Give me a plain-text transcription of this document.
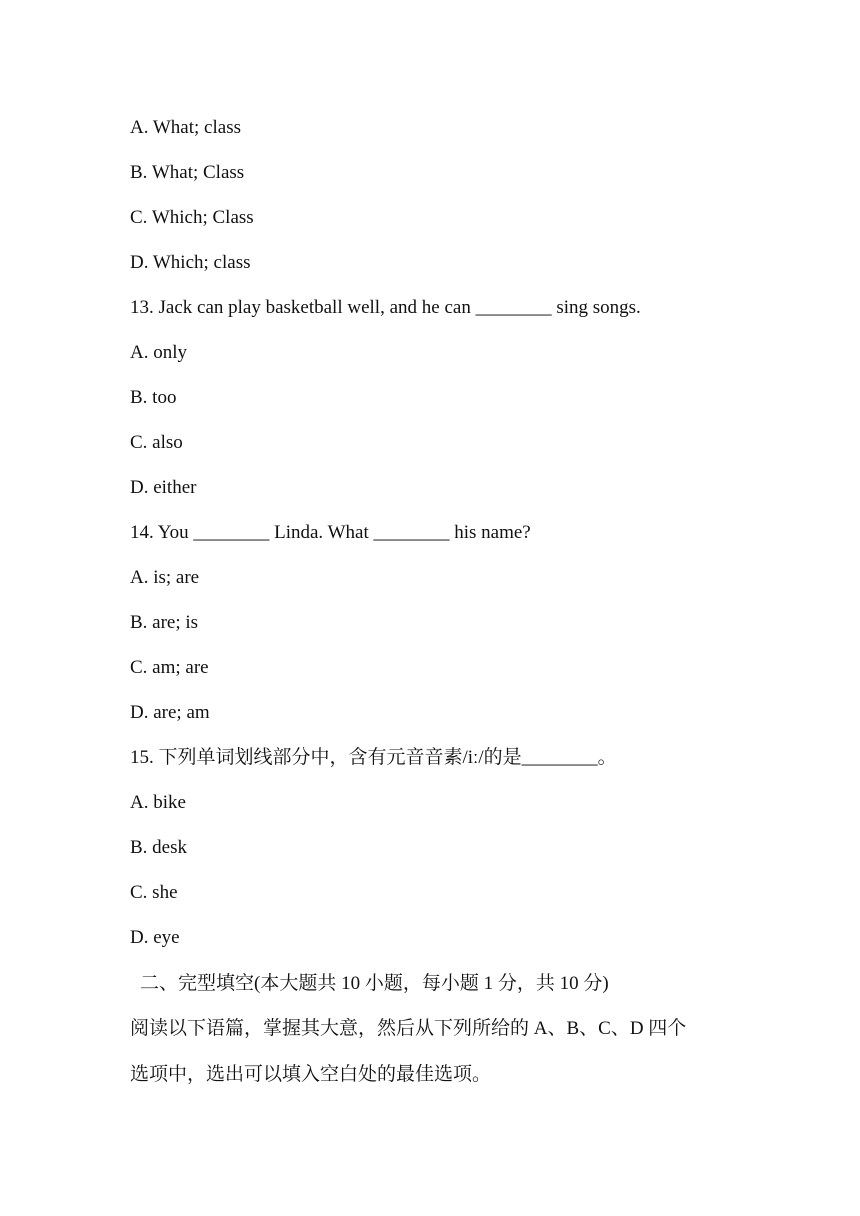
A. What; class
B. What; Class
C. Which; Class
D. Which; class
13. Jack can play basketball well, and he can ________ sing songs.
A. only
B. too
C. also
D. either
14. You ________ Linda. What ________ his name?
A. is; are
B. are; is
C. am; are
D. are; am
15. 下列单词划线部分中，含有元音音素/iː/的是________。
A. bike
B. desk
C. she
D. eye
二、完型填空(本大题共 10 小题，每小题 1 分，共 10 分)
阅读以下语篇，掌握其大意，然后从下列所给的 A、B、C、D 四个
选项中，选出可以填入空白处的最佳选项。
